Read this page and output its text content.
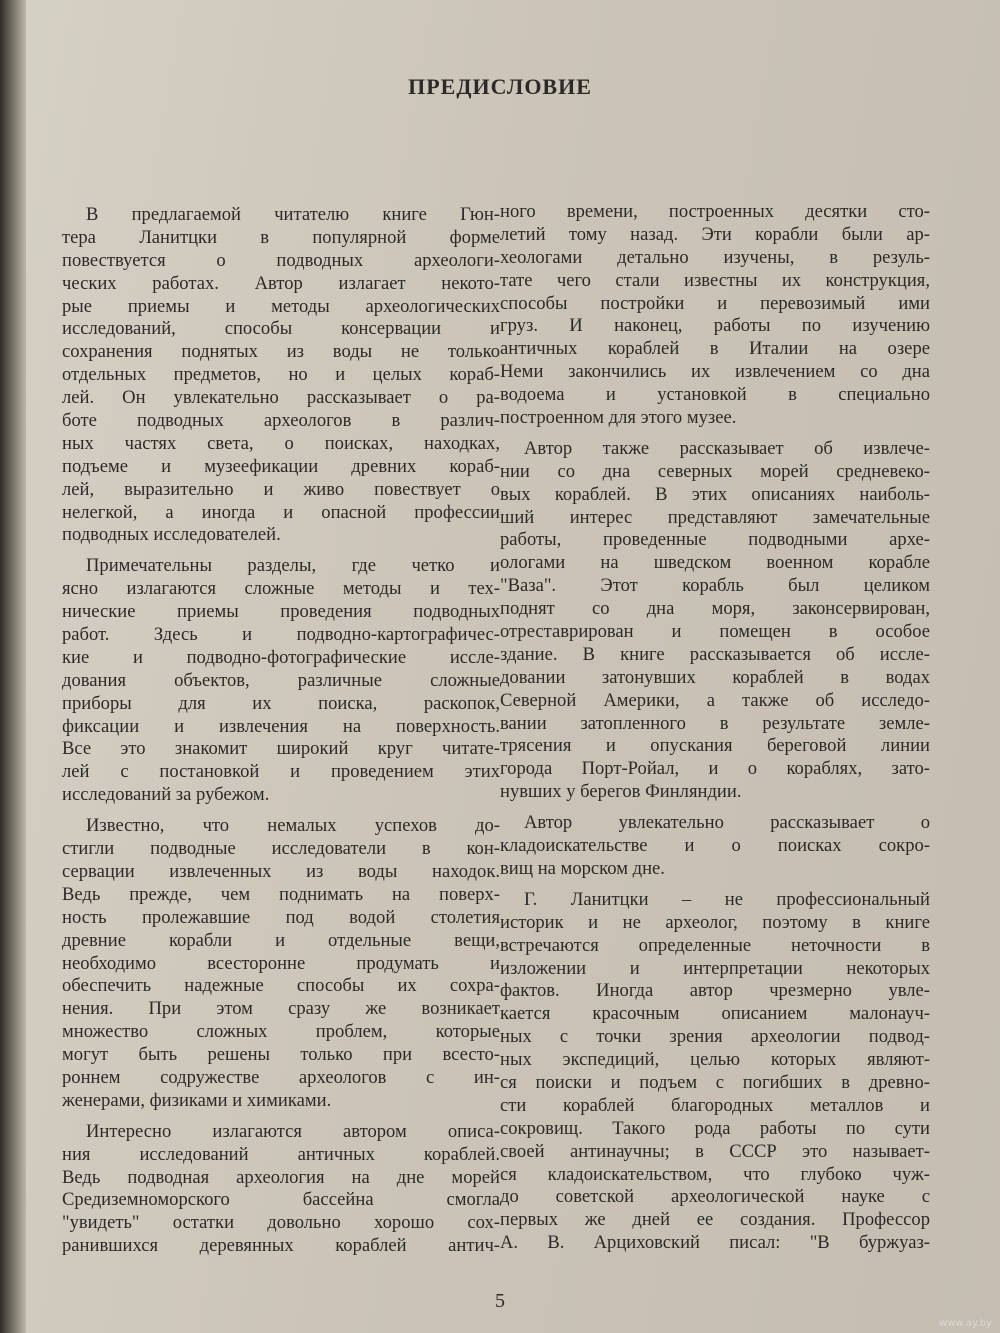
ПРЕДИСЛОВИЕ
В предлагаемой читателю книге Гюн-
тера Ланитцки в популярной форме
повествуется о подводных археологи-
ческих работах. Автор излагает некото-
рые приемы и методы археологических
исследований, способы консервации и
сохранения поднятых из воды не только
отдельных предметов, но и целых кораб-
лей. Он увлекательно рассказывает о ра-
боте подводных археологов в различ-
ных частях света, о поисках, находках,
подъеме и музеефикации древних кораб-
лей, выразительно и живо повествует о
нелегкой, а иногда и опасной профессии
подводных исследователей.
Примечательны разделы, где четко и
ясно излагаются сложные методы и тех-
нические приемы проведения подводных
работ. Здесь и подводно-картографичес-
кие и подводно-фотографические иссле-
дования объектов, различные сложные
приборы для их поиска, раскопок,
фиксации и извлечения на поверхность.
Все это знакомит широкий круг читате-
лей с постановкой и проведением этих
исследований за рубежом.
Известно, что немалых успехов до-
стигли подводные исследователи в кон-
сервации извлеченных из воды находок.
Ведь прежде, чем поднимать на поверх-
ность пролежавшие под водой столетия
древние корабли и отдельные вещи,
необходимо всесторонне продумать и
обеспечить надежные способы их сохра-
нения. При этом сразу же возникает
множество сложных проблем, которые
могут быть решены только при всесто-
роннем содружестве археологов с ин-
женерами, физиками и химиками.
Интересно излагаются автором описа-
ния исследований античных кораблей.
Ведь подводная археология на дне морей
Средиземноморского бассейна смогла
"увидеть" остатки довольно хорошо сох-
ранившихся деревянных кораблей антич-
ного времени, построенных десятки сто-
летий тому назад. Эти корабли были ар-
хеологами детально изучены, в резуль-
тате чего стали известны их конструкция,
способы постройки и перевозимый ими
груз. И наконец, работы по изучению
античных кораблей в Италии на озере
Неми закончились их извлечением со дна
водоема и установкой в специально
построенном для этого музее.
Автор также рассказывает об извлече-
нии со дна северных морей средневеко-
вых кораблей. В этих описаниях наиболь-
ший интерес представляют замечательные
работы, проведенные подводными архе-
ологами на шведском военном корабле
"Ваза". Этот корабль был целиком
поднят со дна моря, законсервирован,
отреставрирован и помещен в особое
здание. В книге рассказывается об иссле-
довании затонувших кораблей в водах
Северной Америки, а также об исследо-
вании затопленного в результате земле-
трясения и опускания береговой линии
города Порт-Ройал, и о кораблях, зато-
нувших у берегов Финляндии.
Автор увлекательно рассказывает о
кладоискательстве и о поисках сокро-
вищ на морском дне.
Г. Ланитцки – не профессиональный
историк и не археолог, поэтому в книге
встречаются определенные неточности в
изложении и интерпретации некоторых
фактов. Иногда автор чрезмерно увле-
кается красочным описанием малонауч-
ных с точки зрения археологии подвод-
ных экспедиций, целью которых являют-
ся поиски и подъем с погибших в древно-
сти кораблей благородных металлов и
сокровищ. Такого рода работы по сути
своей антинаучны; в СССР это называет-
ся кладоискательством, что глубоко чуж-
до советской археологической науке с
первых же дней ее создания. Профессор
А. В. Арциховский писал: "В буржуаз-
5
www.ay.by
